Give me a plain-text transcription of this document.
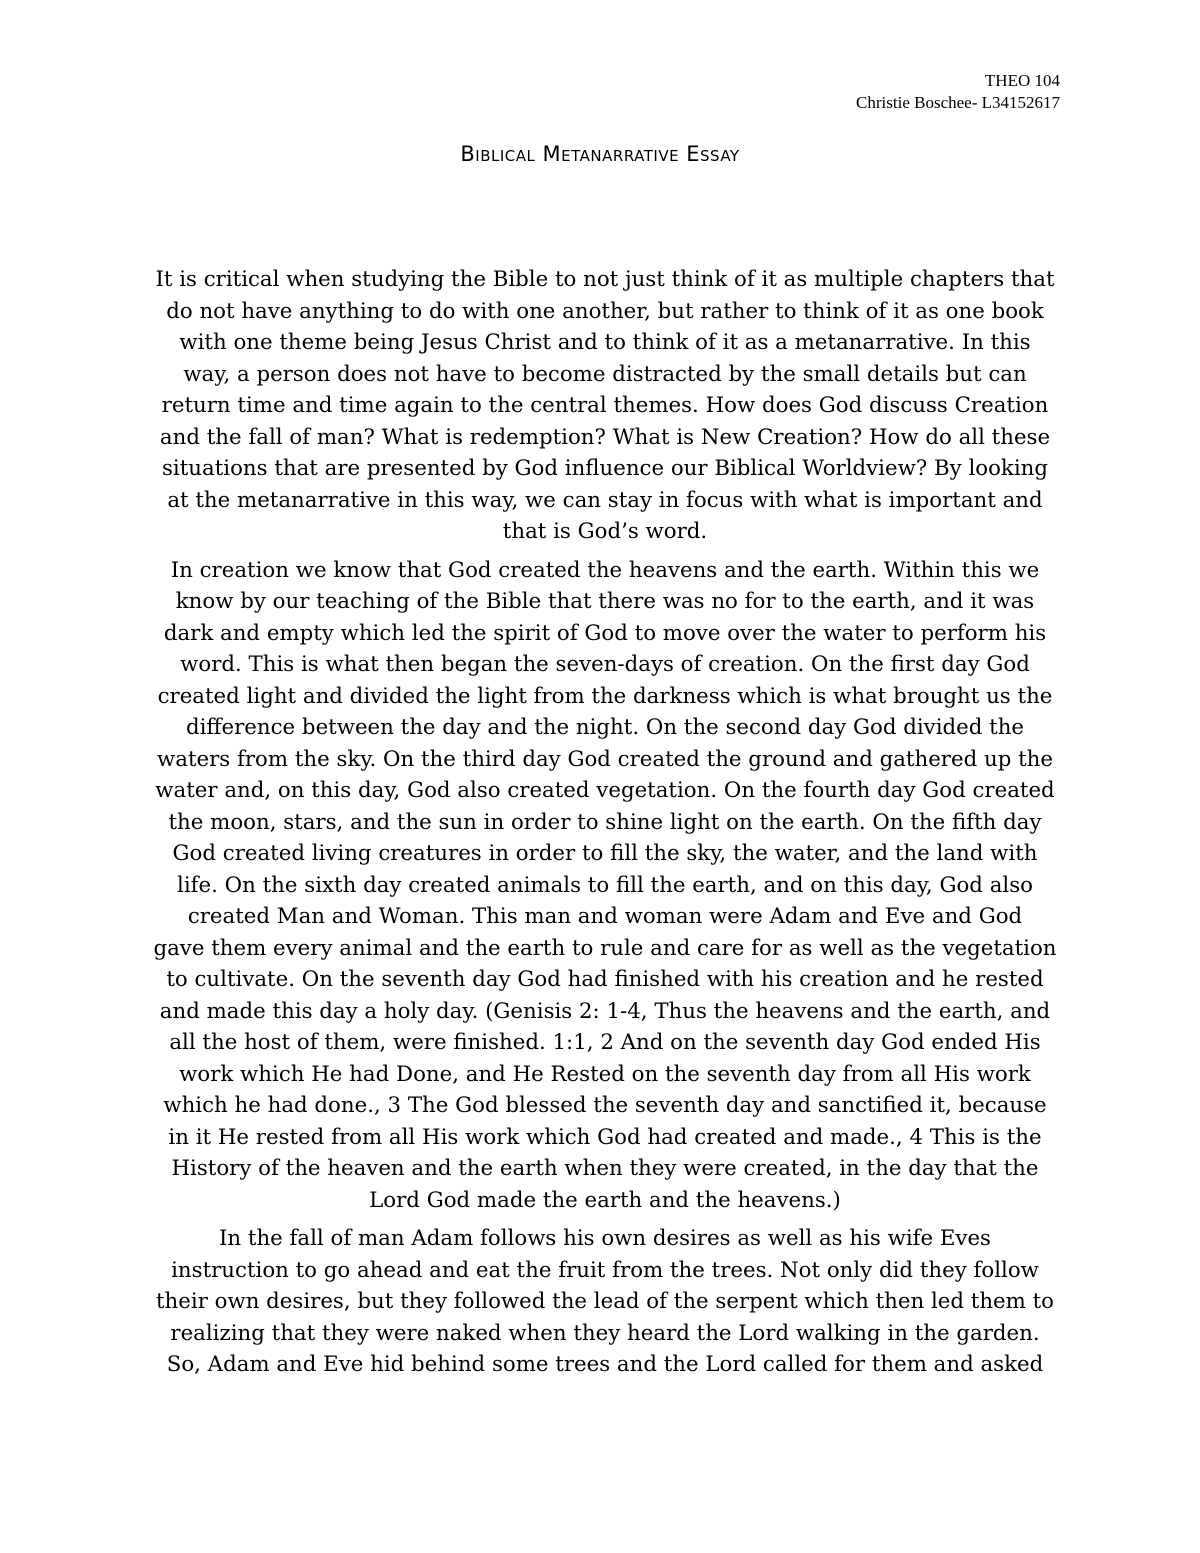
THEO 104
Christie Boschee- L34152617
Biblical Metanarrative Essay

It is critical when studying the Bible to not just think of it as multiple chapters that
do not have anything to do with one another, but rather to think of it as one book
with one theme being Jesus Christ and to think of it as a metanarrative. In this
way, a person does not have to become distracted by the small details but can
return time and time again to the central themes. How does God discuss Creation
and the fall of man? What is redemption? What is New Creation? How do all these
situations that are presented by God influence our Biblical Worldview? By looking
at the metanarrative in this way, we can stay in focus with what is important and
that is God’s word.

In creation we know that God created the heavens and the earth. Within this we
know by our teaching of the Bible that there was no for to the earth, and it was
dark and empty which led the spirit of God to move over the water to perform his
word. This is what then began the seven-days of creation. On the first day God
created light and divided the light from the darkness which is what brought us the
difference between the day and the night. On the second day God divided the
waters from the sky. On the third day God created the ground and gathered up the
water and, on this day, God also created vegetation. On the fourth day God created
the moon, stars, and the sun in order to shine light on the earth. On the fifth day
God created living creatures in order to fill the sky, the water, and the land with
life. On the sixth day created animals to fill the earth, and on this day, God also
created Man and Woman. This man and woman were Adam and Eve and God
gave them every animal and the earth to rule and care for as well as the vegetation
to cultivate. On the seventh day God had finished with his creation and he rested
and made this day a holy day. (Genisis 2: 1-4, Thus the heavens and the earth, and
all the host of them, were finished. 1:1, 2 And on the seventh day God ended His
work which He had Done, and He Rested on the seventh day from all His work
which he had done., 3 The God blessed the seventh day and sanctified it, because
in it He rested from all His work which God had created and made., 4 This is the
History of the heaven and the earth when they were created, in the day that the
Lord God made the earth and the heavens.)

In the fall of man Adam follows his own desires as well as his wife Eves
instruction to go ahead and eat the fruit from the trees. Not only did they follow
their own desires, but they followed the lead of the serpent which then led them to
realizing that they were naked when they heard the Lord walking in the garden.
So, Adam and Eve hid behind some trees and the Lord called for them and asked
